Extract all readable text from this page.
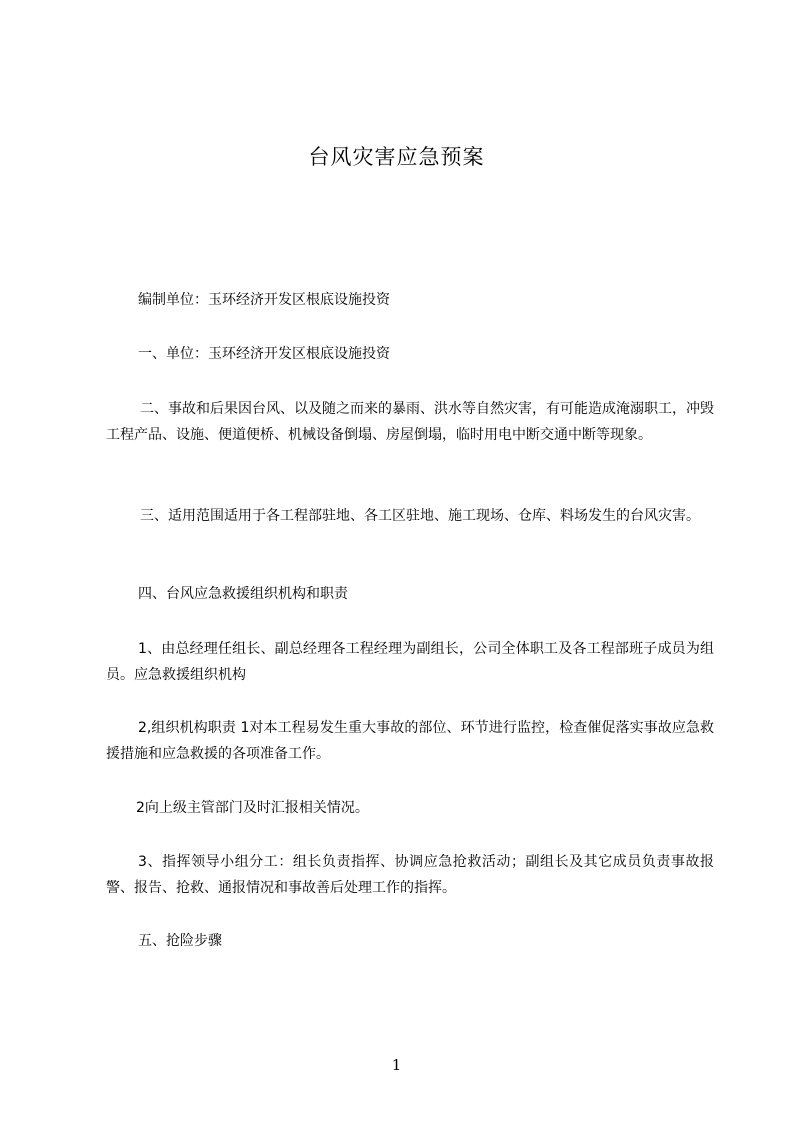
台风灾害应急预案

编制单位：玉环经济开发区根底设施投资

一、单位：玉环经济开发区根底设施投资

二、事故和后果因台风、以及随之而来的暴雨、洪水等自然灾害，有可能造成淹溺职工，冲毁工程产品、设施、便道便桥、机械设备倒塌、房屋倒塌，临时用电中断交通中断等现象。

三、适用范围适用于各工程部驻地、各工区驻地、施工现场、仓库、料场发生的台风灾害。

四、台风应急救援组织机构和职责

1、由总经理任组长、副总经理各工程经理为副组长，公司全体职工及各工程部班子成员为组员。应急救援组织机构

2,组织机构职责 1对本工程易发生重大事故的部位、环节进行监控，检查催促落实事故应急救援措施和应急救援的各项准备工作。

2向上级主管部门及时汇报相关情况。

3、指挥领导小组分工：组长负责指挥、协调应急抢救活动；副组长及其它成员负责事故报警、报告、抢救、通报情况和事故善后处理工作的指挥。

五、抢险步骤

1
